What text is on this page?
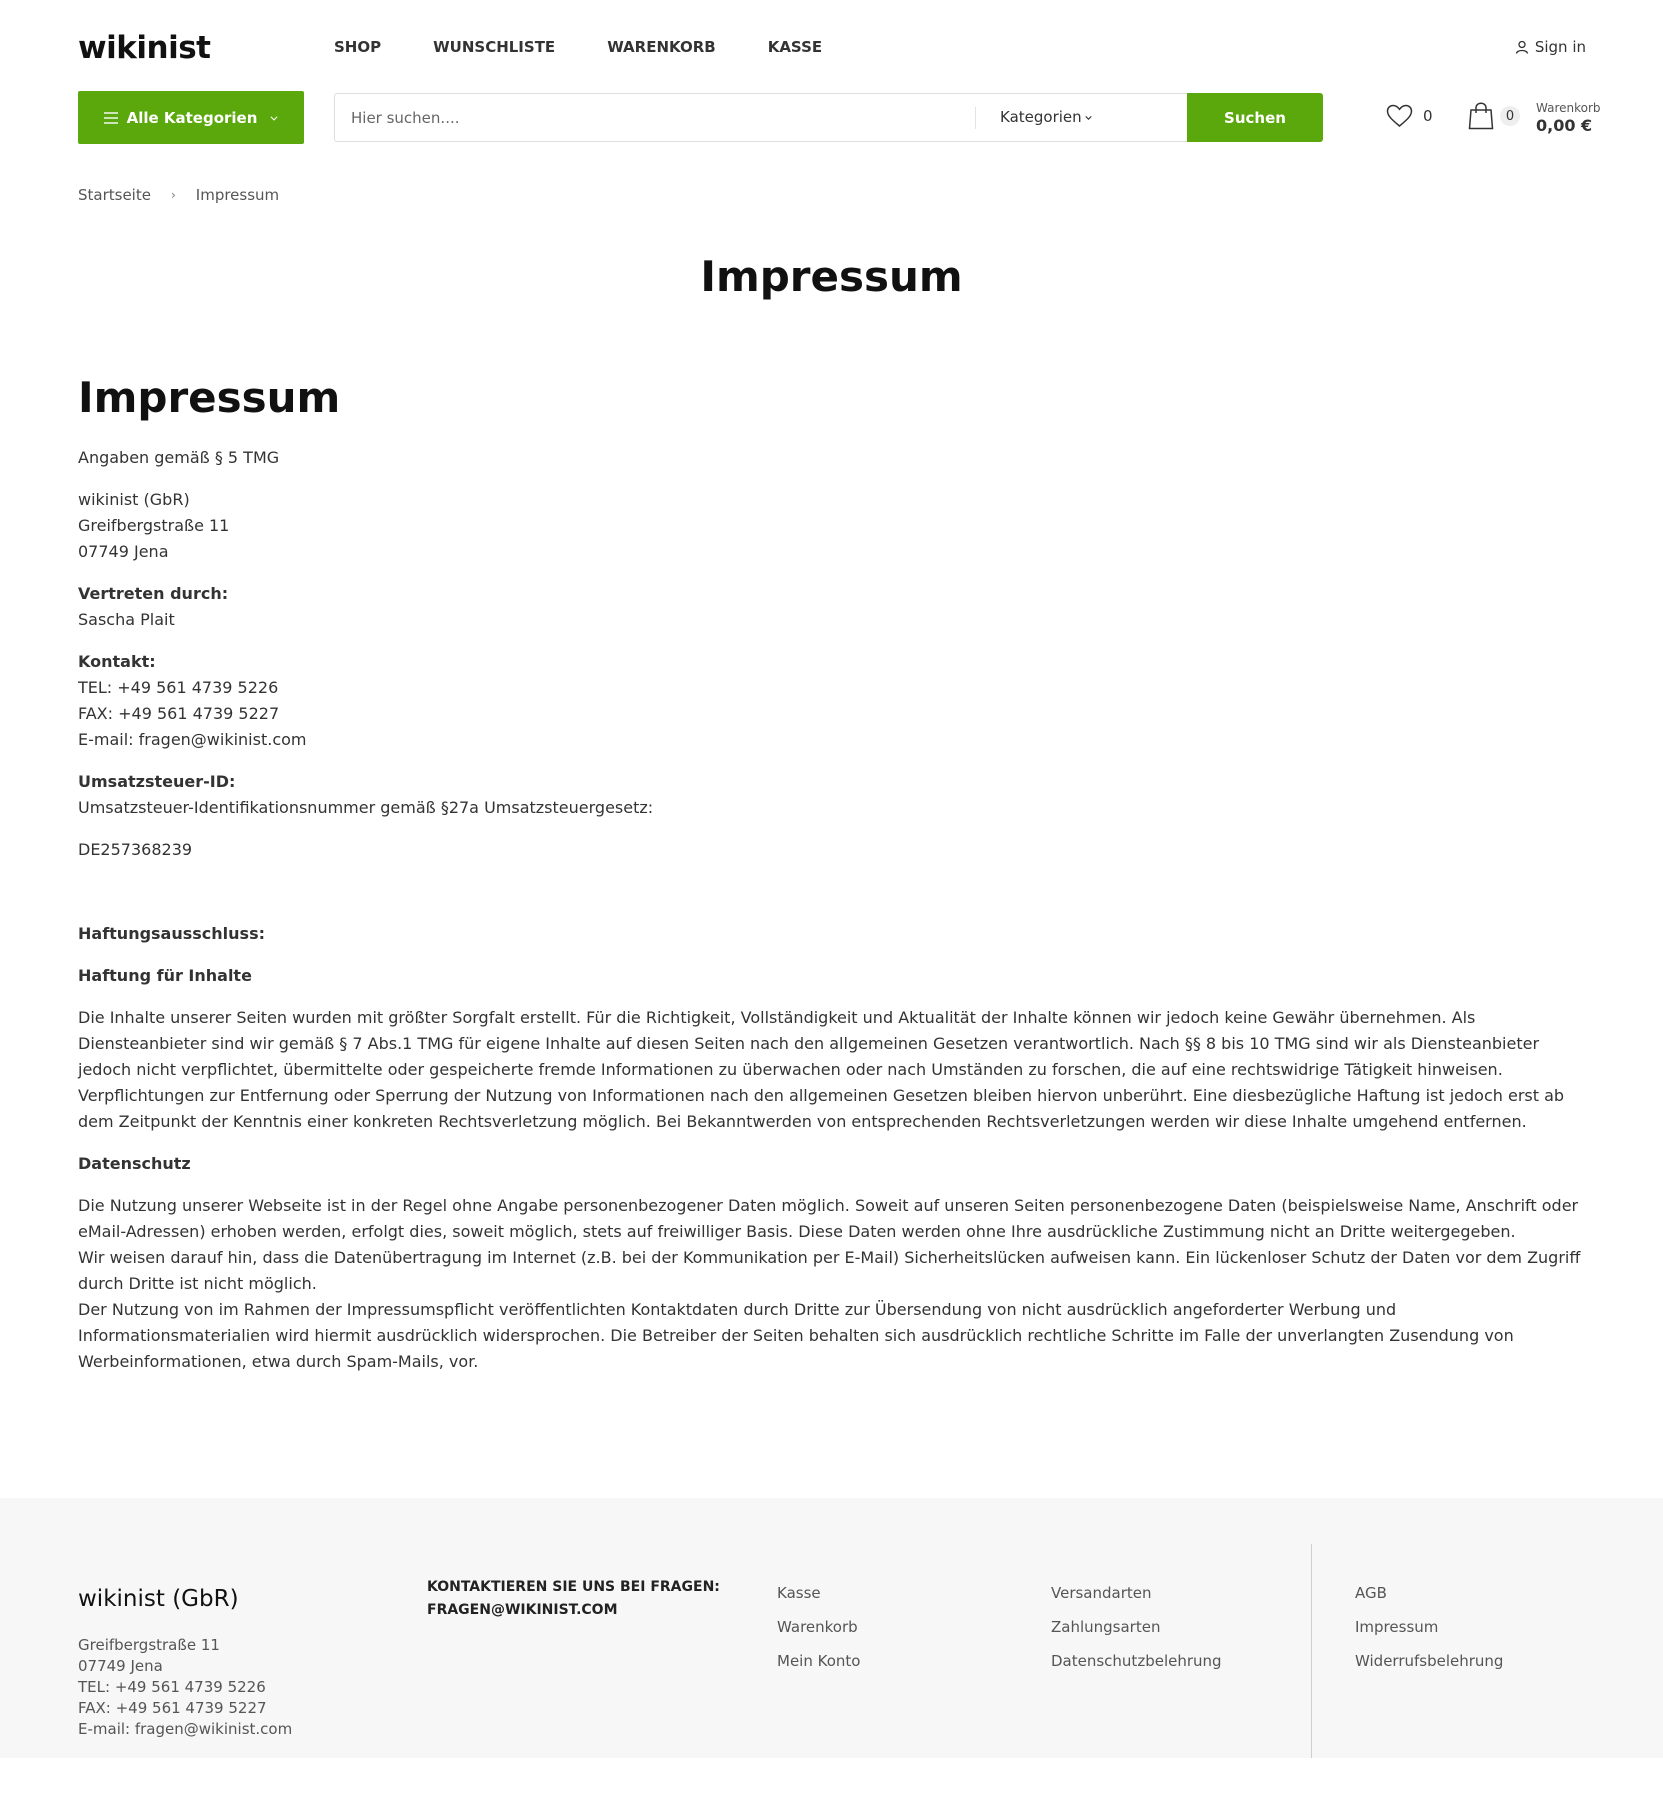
wikinist	SHOP	WUNSCHLISTE	WARENKORB	KASSE	Sign in
Alle Kategorien
Hier suchen....	Kategorien	Suchen	0	0
Warenkorb
0,00 €
Startseite › Impressum
Impressum
Impressum

Angaben gemäß § 5 TMG

wikinist (GbR)
Greifbergstraße 11
07749 Jena

Vertreten durch:
Sascha Plait

Kontakt:
TEL: +49 561 4739 5226
FAX: +49 561 4739 5227
E-mail: fragen@wikinist.com

Umsatzsteuer-ID:
Umsatzsteuer-Identifikationsnummer gemäß §27a Umsatzsteuergesetz:

DE257368239

Haftungsausschluss:

Haftung für Inhalte

Die Inhalte unserer Seiten wurden mit größter Sorgfalt erstellt. Für die Richtigkeit, Vollständigkeit und Aktualität der Inhalte können wir jedoch keine Gewähr übernehmen. Als Diensteanbieter sind wir gemäß § 7 Abs.1 TMG für eigene Inhalte auf diesen Seiten nach den allgemeinen Gesetzen verantwortlich. Nach §§ 8 bis 10 TMG sind wir als Diensteanbieter jedoch nicht verpflichtet, übermittelte oder gespeicherte fremde Informationen zu überwachen oder nach Umständen zu forschen, die auf eine rechtswidrige Tätigkeit hinweisen. Verpflichtungen zur Entfernung oder Sperrung der Nutzung von Informationen nach den allgemeinen Gesetzen bleiben hiervon unberührt. Eine diesbezügliche Haftung ist jedoch erst ab dem Zeitpunkt der Kenntnis einer konkreten Rechtsverletzung möglich. Bei Bekanntwerden von entsprechenden Rechtsverletzungen werden wir diese Inhalte umgehend entfernen.

Datenschutz

Die Nutzung unserer Webseite ist in der Regel ohne Angabe personenbezogener Daten möglich. Soweit auf unseren Seiten personenbezogene Daten (beispielsweise Name, Anschrift oder eMail-Adressen) erhoben werden, erfolgt dies, soweit möglich, stets auf freiwilliger Basis. Diese Daten werden ohne Ihre ausdrückliche Zustimmung nicht an Dritte weitergegeben.
Wir weisen darauf hin, dass die Datenübertragung im Internet (z.B. bei der Kommunikation per E-Mail) Sicherheitslücken aufweisen kann. Ein lückenloser Schutz der Daten vor dem Zugriff durch Dritte ist nicht möglich.
Der Nutzung von im Rahmen der Impressumspflicht veröffentlichten Kontaktdaten durch Dritte zur Übersendung von nicht ausdrücklich angeforderter Werbung und Informationsmaterialien wird hiermit ausdrücklich widersprochen. Die Betreiber der Seiten behalten sich ausdrücklich rechtliche Schritte im Falle der unverlangten Zusendung von Werbeinformationen, etwa durch Spam-Mails, vor.

wikinist (GbR)
Greifbergstraße 11
07749 Jena
TEL: +49 561 4739 5226
FAX: +49 561 4739 5227
E-mail: fragen@wikinist.com
KONTAKTIEREN SIE UNS BEI FRAGEN:
FRAGEN@WIKINIST.COM
Kasse
Warenkorb
Mein Konto
Versandarten
Zahlungsarten
Datenschutzbelehrung
AGB
Impressum
Widerrufsbelehrung
